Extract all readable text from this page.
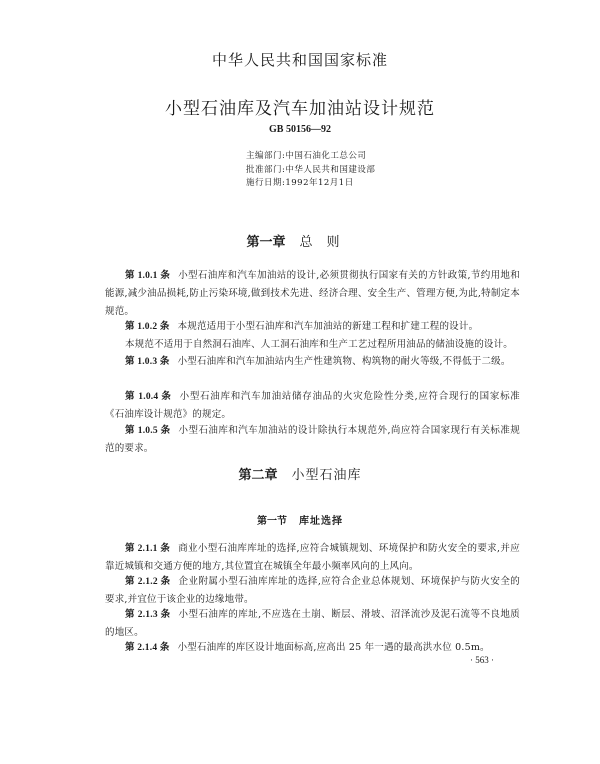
中华人民共和国国家标准
小型石油库及汽车加油站设计规范
GB 50156—92
主编部门:中国石油化工总公司
批准部门:中华人民共和国建设部
施行日期:1992年12月1日
第一章 总则
第 1.0.1 条 小型石油库和汽车加油站的设计,必须贯彻执行国家有关的方针政策,节约用地和能源,减少油品损耗,防止污染环境,做到技术先进、经济合理、安全生产、管理方便,为此,特制定本规范。
第 1.0.2 条 本规范适用于小型石油库和汽车加油站的新建工程和扩建工程的设计。
本规范不适用于自然洞石油库、人工洞石油库和生产工艺过程所用油品的储油设施的设计。
第 1.0.3 条 小型石油库和汽车加油站内生产性建筑物、构筑物的耐火等级,不得低于二级。
第 1.0.4 条 小型石油库和汽车加油站储存油品的火灾危险性分类,应符合现行的国家标准《石油库设计规范》的规定。
第 1.0.5 条 小型石油库和汽车加油站的设计除执行本规范外,尚应符合国家现行有关标准规范的要求。
第二章 小型石油库
第一节 库址选择
第 2.1.1 条 商业小型石油库库址的选择,应符合城镇规划、环境保护和防火安全的要求,并应靠近城镇和交通方便的地方,其位置宜在城镇全年最小频率风向的上风向。
第 2.1.2 条 企业附属小型石油库库址的选择,应符合企业总体规划、环境保护与防火安全的要求,并宜位于该企业的边缘地带。
第 2.1.3 条 小型石油库的库址,不应选在土崩、断层、滑坡、沼泽流沙及泥石流等不良地质的地区。
第 2.1.4 条 小型石油库的库区设计地面标高,应高出 25 年一遇的最高洪水位 0.5m。
· 563 ·
